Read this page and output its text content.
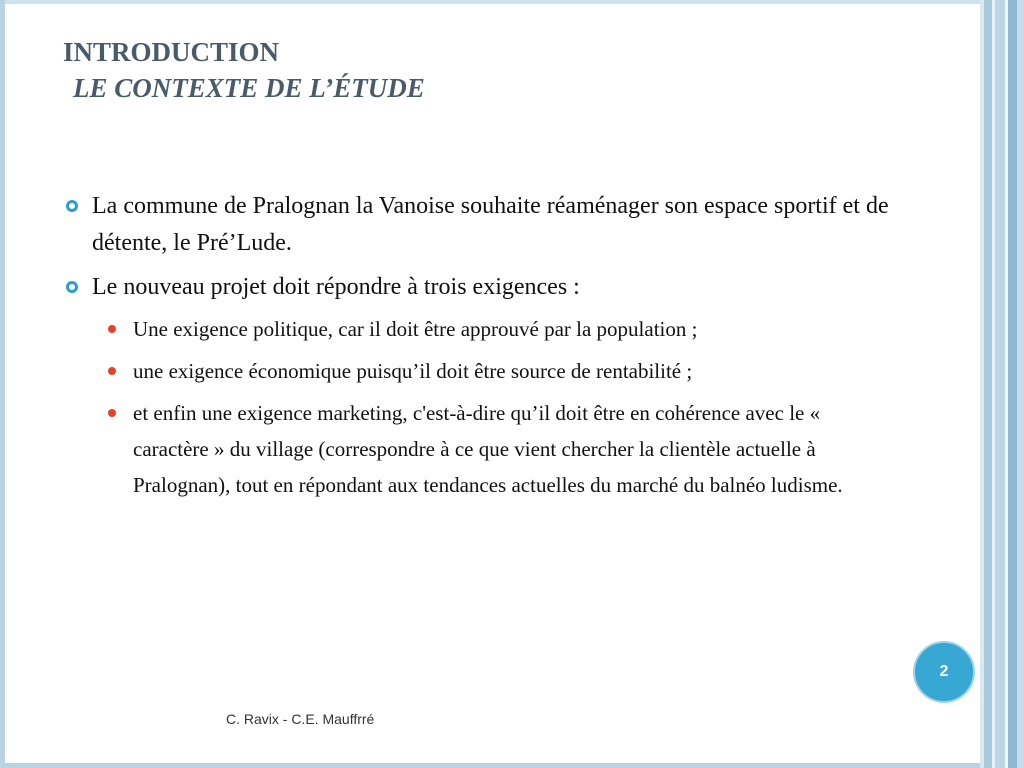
INTRODUCTION
LE CONTEXTE DE L’ÉTUDE
La commune de Pralognan la Vanoise souhaite réaménager son espace sportif et de détente, le Pré’Lude.
Le nouveau projet doit répondre à trois exigences :
Une exigence politique, car il doit être approuvé par la population ;
une exigence économique puisqu’il doit être source de rentabilité ;
et enfin une exigence marketing, c'est-à-dire qu’il doit être en cohérence avec le « caractère » du village (correspondre à ce que vient chercher la clientèle actuelle à Pralognan), tout en répondant aux tendances actuelles du marché du balnéo ludisme.
2
C. Ravix - C.E. Mauffrré
